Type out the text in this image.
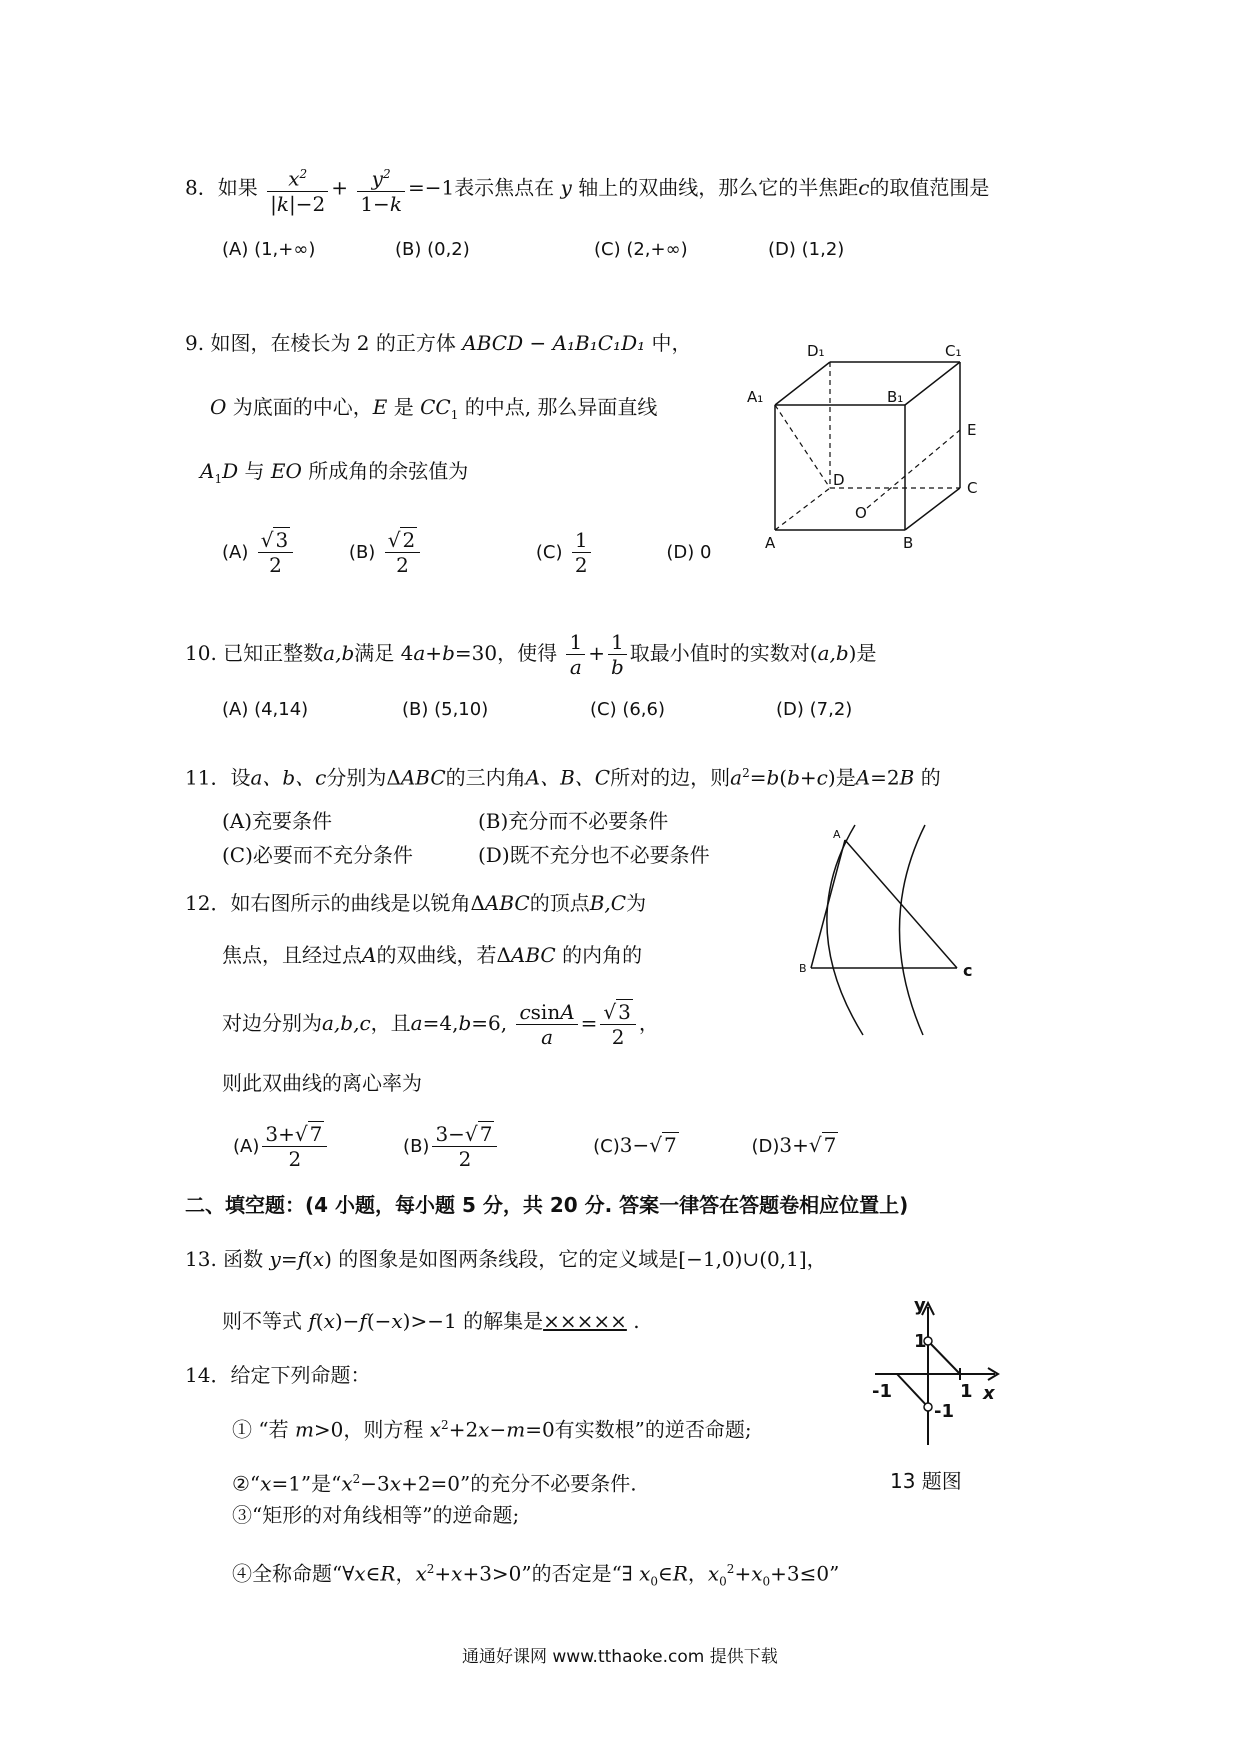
8．如果 $\frac{x^2}{|k|-2} + \frac{y^2}{1-k} =-1$表示焦点在 y 轴上的双曲线，那么它的半焦距c的取值范围是
(A) (1,+∞)	(B) (0,2)	(C) (2,+∞)	(D) (1,2)
9. 如图，在棱长为 2 的正方体 ABCD − A₁B₁C₁D₁ 中，
O 为底面的中心，E 是 $CC_1$ 的中点, 那么异面直线
$A_1D$ 与 EO 所成角的余弦值为
$(A) \frac{√ 3}{2}$	$(B) \frac{√ 2}{2}$	$(C) \frac{1}{2}$	(D) 0
D₁	C₁
A₁	B₁
E
D	C
O
A	B
10. 已知正整数a,b满足 4a+b=30，使得 $\frac{1}{a} + \frac{1}{b}$ 取最小值时的实数对(a,b)是
(A) (4,14)	(B) (5,10)	(C) (6,6)	(D) (7,2)
11．设a、b、c分别为ΔABC的三内角A、B、C所对的边，则$a^2=b(b+c)$是A=2B 的
(A)充要条件	(B)充分而不必要条件
(C)必要而不充分条件	(D)既不充分也不必要条件
12．如右图所示的曲线是以锐角ΔABC的顶点B,C为
焦点，且经过点A的双曲线，若ΔABC 的内角的
对边分别为a,b,c，且a=4,b=6, $\frac{csinA}{a} = \frac{√ 3}{2}$ ，
则此双曲线的离心率为
$(A) \frac{3+√ 7}{2}$	$(B) \frac{3-√ 7}{2}$	(C)3−√ 7	(D)3+√ 7
A
B	c
二、填空题：(4 小题，每小题 5 分，共 20 分. 答案一律答在答题卷相应位置上)
13. 函数 y=f(x) 的图象是如图两条线段，它的定义域是[−1,0)∪(0,1]，
则不等式 f(x)−f(−x)>−1 的解集是××××× .
y
1
-1	1 x
-1
13 题图
14．给定下列命题：
① “若 m>0，则方程 $x^2+2x-m=0$有实数根”的逆否命题;
②“x=1”是“$x^2-3x+2=0$”的充分不必要条件.
③“矩形的对角线相等”的逆命题;
④全称命题“∀x∈R，$x^2+x+3>0$”的否定是“∃ $x_0\in R$，$x_0^2+x_0+3\le 0$”
通通好课网 www.tthaoke.com 提供下载
